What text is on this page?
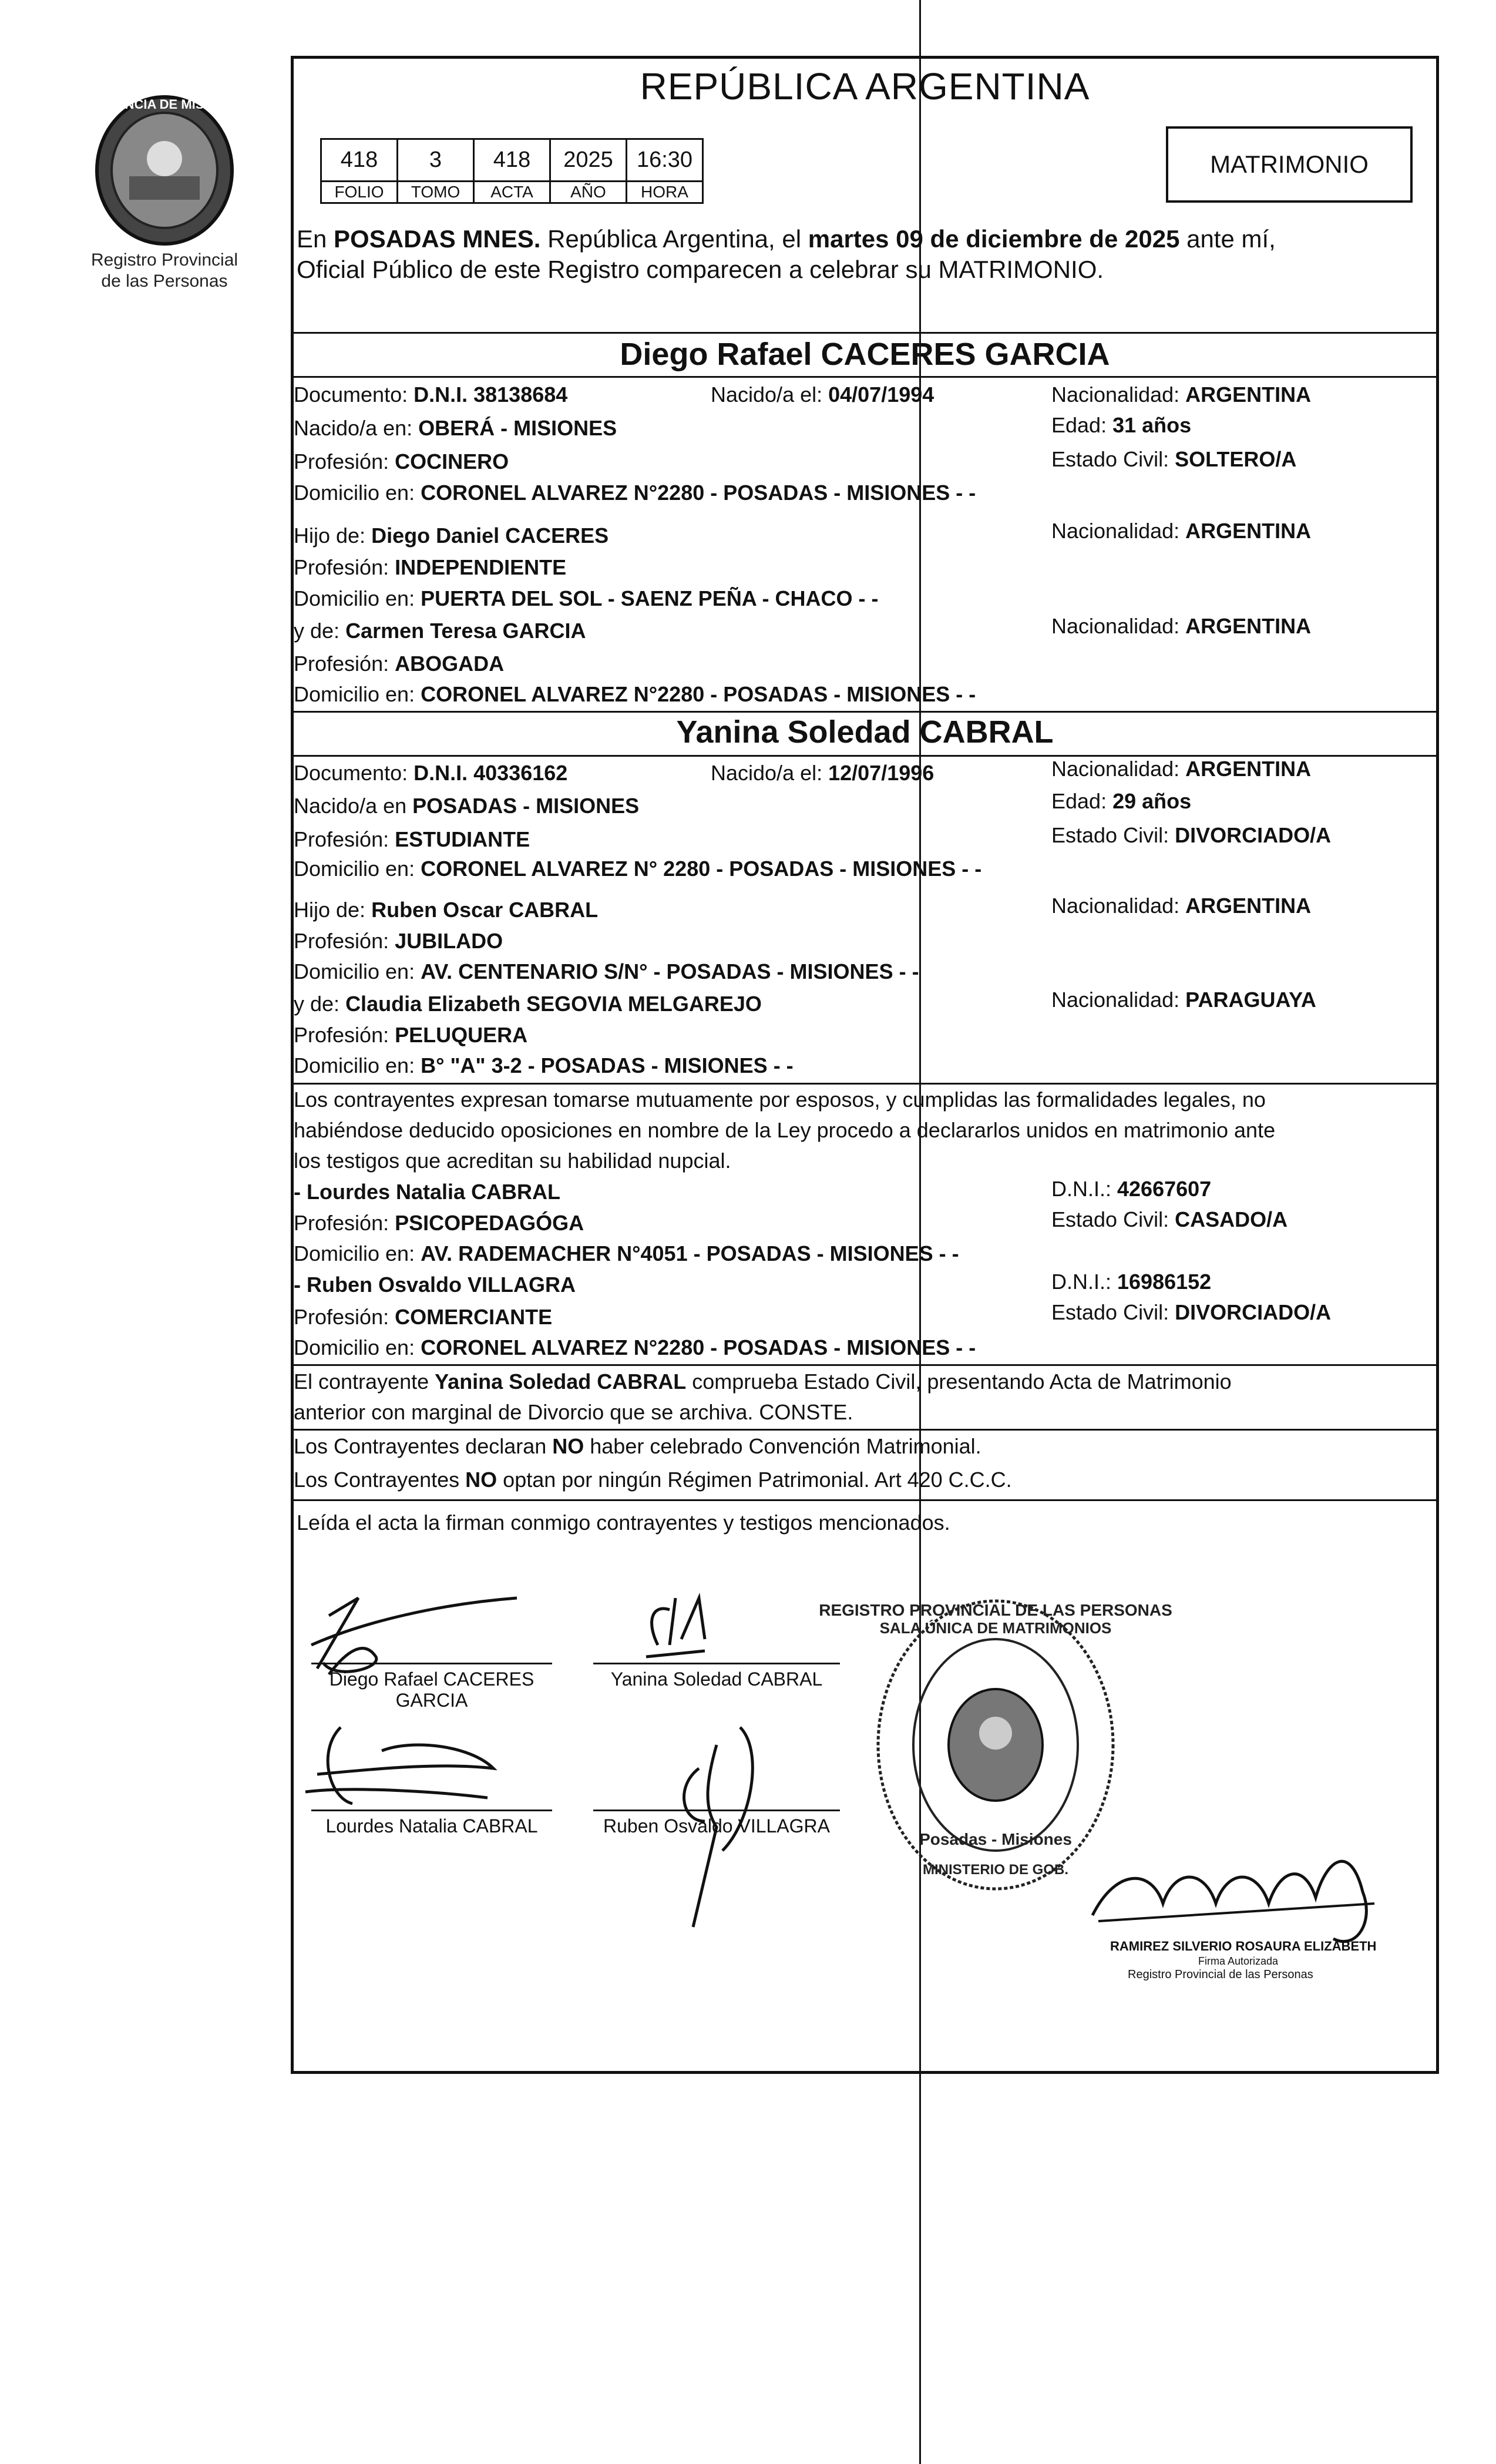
PROVINCIA DE MISIONES
Registro Provincial
de las Personas
REPÚBLICA ARGENTINA
418	3	418	2025	16:30
FOLIO	TOMO	ACTA	AÑO	HORA
MATRIMONIO
En POSADAS MNES. República Argentina, el martes 09 de diciembre de 2025 ante mí,
Oficial Público de este Registro comparecen a celebrar su MATRIMONIO.
Diego Rafael CACERES GARCIA
Documento: D.N.I. 38138684	Nacido/a el: 04/07/1994	Nacionalidad: ARGENTINA
Nacido/a en: OBERÁ - MISIONES	Edad: 31 años
Profesión: COCINERO	Estado Civil: SOLTERO/A
Domicilio en: CORONEL ALVAREZ N°2280 - POSADAS - MISIONES - -
Hijo de: Diego Daniel CACERES	Nacionalidad: ARGENTINA
Profesión: INDEPENDIENTE
Domicilio en: PUERTA DEL SOL - SAENZ PEÑA - CHACO - -
y de: Carmen Teresa GARCIA	Nacionalidad: ARGENTINA
Profesión: ABOGADA
Domicilio en: CORONEL ALVAREZ N°2280 - POSADAS - MISIONES - -
Yanina Soledad CABRAL
Documento: D.N.I. 40336162	Nacido/a el: 12/07/1996	Nacionalidad: ARGENTINA
Nacido/a en POSADAS - MISIONES	Edad: 29 años
Profesión: ESTUDIANTE	Estado Civil: DIVORCIADO/A
Domicilio en: CORONEL ALVAREZ N° 2280 - POSADAS - MISIONES - -
Hijo de: Ruben Oscar CABRAL	Nacionalidad: ARGENTINA
Profesión: JUBILADO
Domicilio en: AV. CENTENARIO S/N° - POSADAS - MISIONES - -
y de: Claudia Elizabeth SEGOVIA MELGAREJO	Nacionalidad: PARAGUAYA
Profesión: PELUQUERA
Domicilio en: B° "A" 3-2 - POSADAS - MISIONES - -
Los contrayentes expresan tomarse mutuamente por esposos, y cumplidas las formalidades legales, no
habiéndose deducido oposiciones en nombre de la Ley procedo a declararlos unidos en matrimonio ante
los testigos que acreditan su habilidad nupcial.
- Lourdes Natalia CABRAL	D.N.I.: 42667607
Profesión: PSICOPEDAGÓGA	Estado Civil: CASADO/A
Domicilio en: AV. RADEMACHER N°4051 - POSADAS - MISIONES - -
- Ruben Osvaldo VILLAGRA	D.N.I.: 16986152
Profesión: COMERCIANTE	Estado Civil: DIVORCIADO/A
Domicilio en: CORONEL ALVAREZ N°2280 - POSADAS - MISIONES - -
El contrayente Yanina Soledad CABRAL comprueba Estado Civil, presentando Acta de Matrimonio
anterior con marginal de Divorcio que se archiva. CONSTE.
Los Contrayentes declaran NO haber celebrado Convención Matrimonial.
Los Contrayentes NO optan por ningún Régimen Patrimonial. Art 420 C.C.C.
Leída el acta la firman conmigo contrayentes y testigos mencionados.
Diego Rafael CACERES
GARCIA
Yanina Soledad CABRAL
Lourdes Natalia CABRAL	Ruben Osvaldo VILLAGRA
SALA ÚNICA DE MATRIMONIOS
REGISTRO PROVINCIAL DE LAS PERSONAS
Posadas - Misiones
MINISTERIO DE GOB.
RAMIREZ SILVERIO ROSAURA ELIZABETH
Firma Autorizada
Registro Provincial de las Personas
